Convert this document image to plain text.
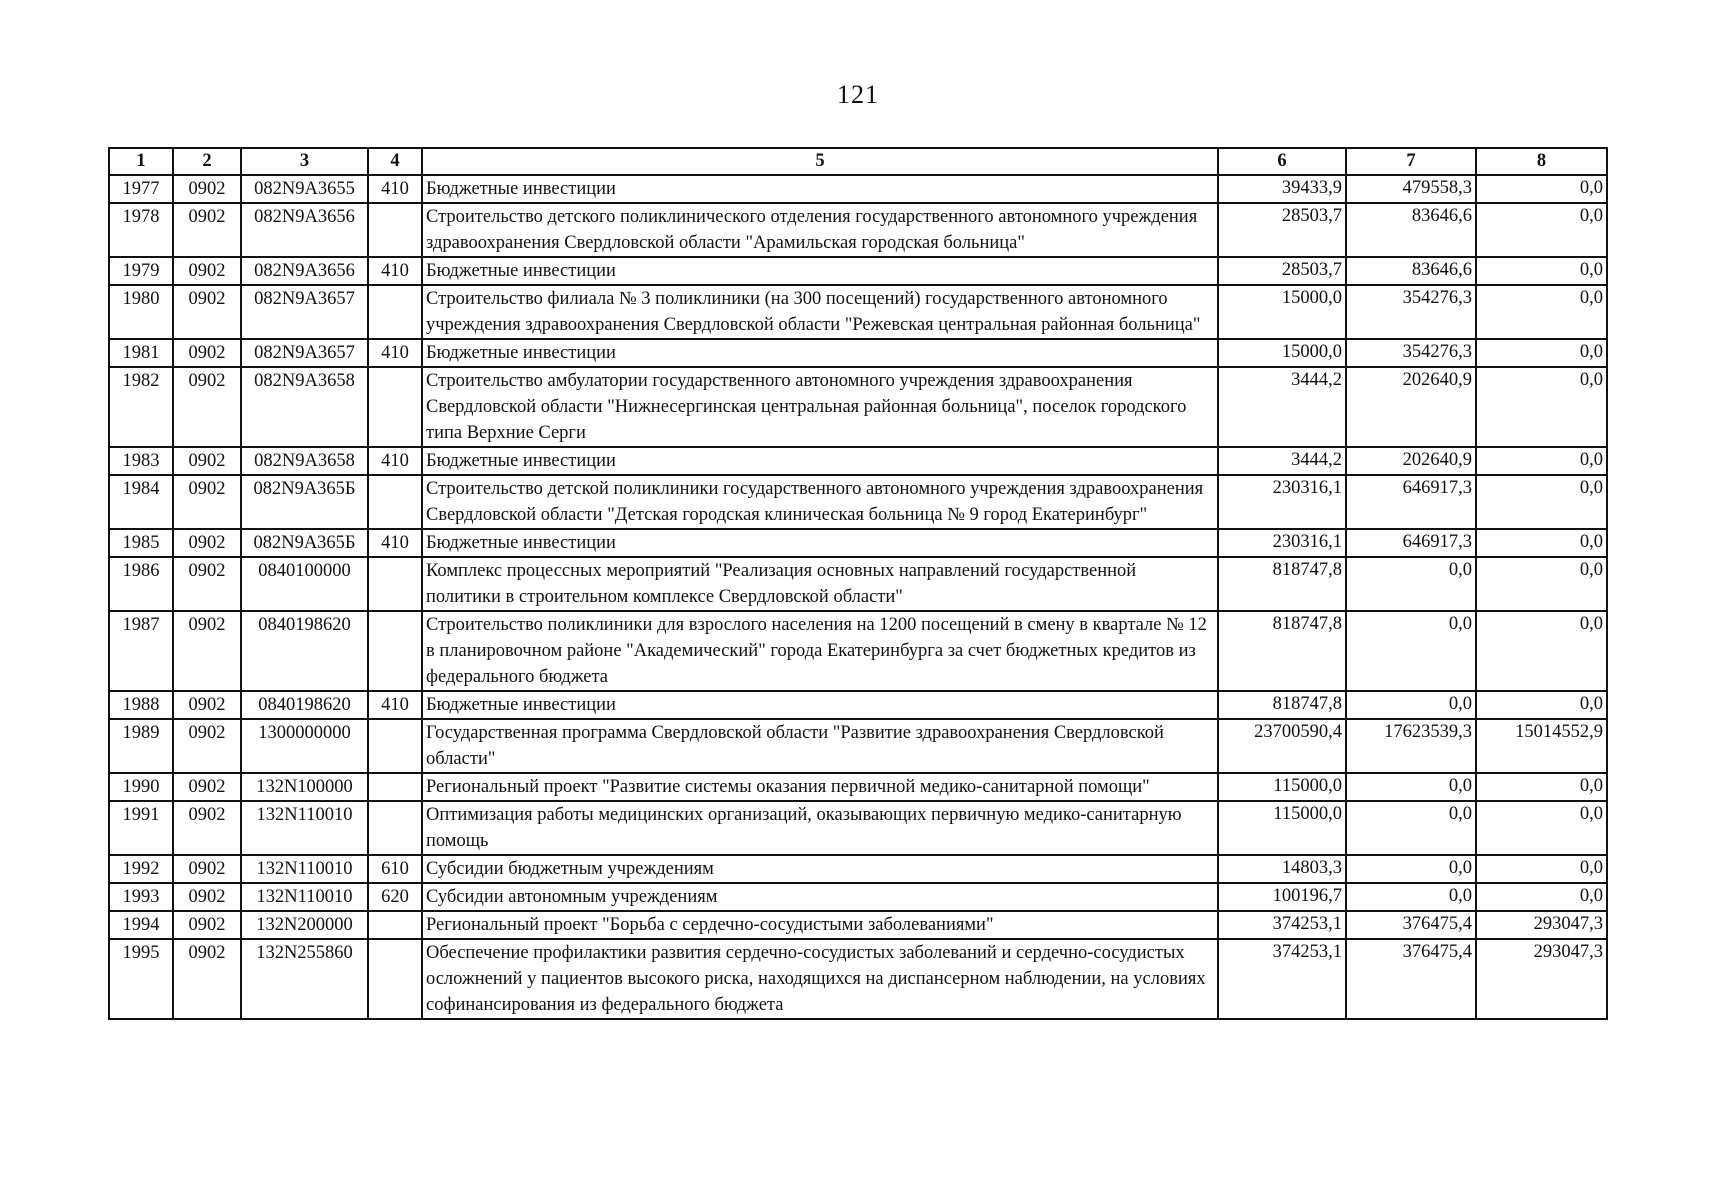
121
1	2	3	4	5	6	7	8
1977	0902	082N9A3655	410	Бюджетные инвестиции	39433,9	479558,3	0,0
1978	0902	082N9A3656		Строительство детского поликлинического отделения государственного автономного учреждения здравоохранения Свердловской области "Арамильская городская больница"	28503,7	83646,6	0,0
1979	0902	082N9A3656	410	Бюджетные инвестиции	28503,7	83646,6	0,0
1980	0902	082N9A3657		Строительство филиала № 3 поликлиники (на 300 посещений) государственного автономного учреждения здравоохранения Свердловской области "Режевская центральная районная больница"	15000,0	354276,3	0,0
1981	0902	082N9A3657	410	Бюджетные инвестиции	15000,0	354276,3	0,0
1982	0902	082N9A3658		Строительство амбулатории государственного автономного учреждения здравоохранения Свердловской области "Нижнесергинская центральная районная больница", поселок городского типа Верхние Серги	3444,2	202640,9	0,0
1983	0902	082N9A3658	410	Бюджетные инвестиции	3444,2	202640,9	0,0
1984	0902	082N9A365Б		Строительство детской поликлиники государственного автономного учреждения здравоохранения Свердловской области "Детская городская клиническая больница № 9 город Екатеринбург"	230316,1	646917,3	0,0
1985	0902	082N9A365Б	410	Бюджетные инвестиции	230316,1	646917,3	0,0
1986	0902	0840100000		Комплекс процессных мероприятий "Реализация основных направлений государственной политики в строительном комплексе Свердловской области"	818747,8	0,0	0,0
1987	0902	0840198620		Строительство поликлиники для взрослого населения на 1200 посещений в смену в квартале № 12 в планировочном районе "Академический" города Екатеринбурга за счет бюджетных кредитов из федерального бюджета	818747,8	0,0	0,0
1988	0902	0840198620	410	Бюджетные инвестиции	818747,8	0,0	0,0
1989	0902	1300000000		Государственная программа Свердловской области "Развитие здравоохранения Свердловской области"	23700590,4	17623539,3	15014552,9
1990	0902	132N100000		Региональный проект "Развитие системы оказания первичной медико-санитарной помощи"	115000,0	0,0	0,0
1991	0902	132N110010		Оптимизация работы медицинских организаций, оказывающих первичную медико-санитарную помощь	115000,0	0,0	0,0
1992	0902	132N110010	610	Субсидии бюджетным учреждениям	14803,3	0,0	0,0
1993	0902	132N110010	620	Субсидии автономным учреждениям	100196,7	0,0	0,0
1994	0902	132N200000		Региональный проект "Борьба с сердечно-сосудистыми заболеваниями"	374253,1	376475,4	293047,3
1995	0902	132N255860		Обеспечение профилактики развития сердечно-сосудистых заболеваний и сердечно-сосудистых осложнений у пациентов высокого риска, находящихся на диспансерном наблюдении, на условиях софинансирования из федерального бюджета	374253,1	376475,4	293047,3
